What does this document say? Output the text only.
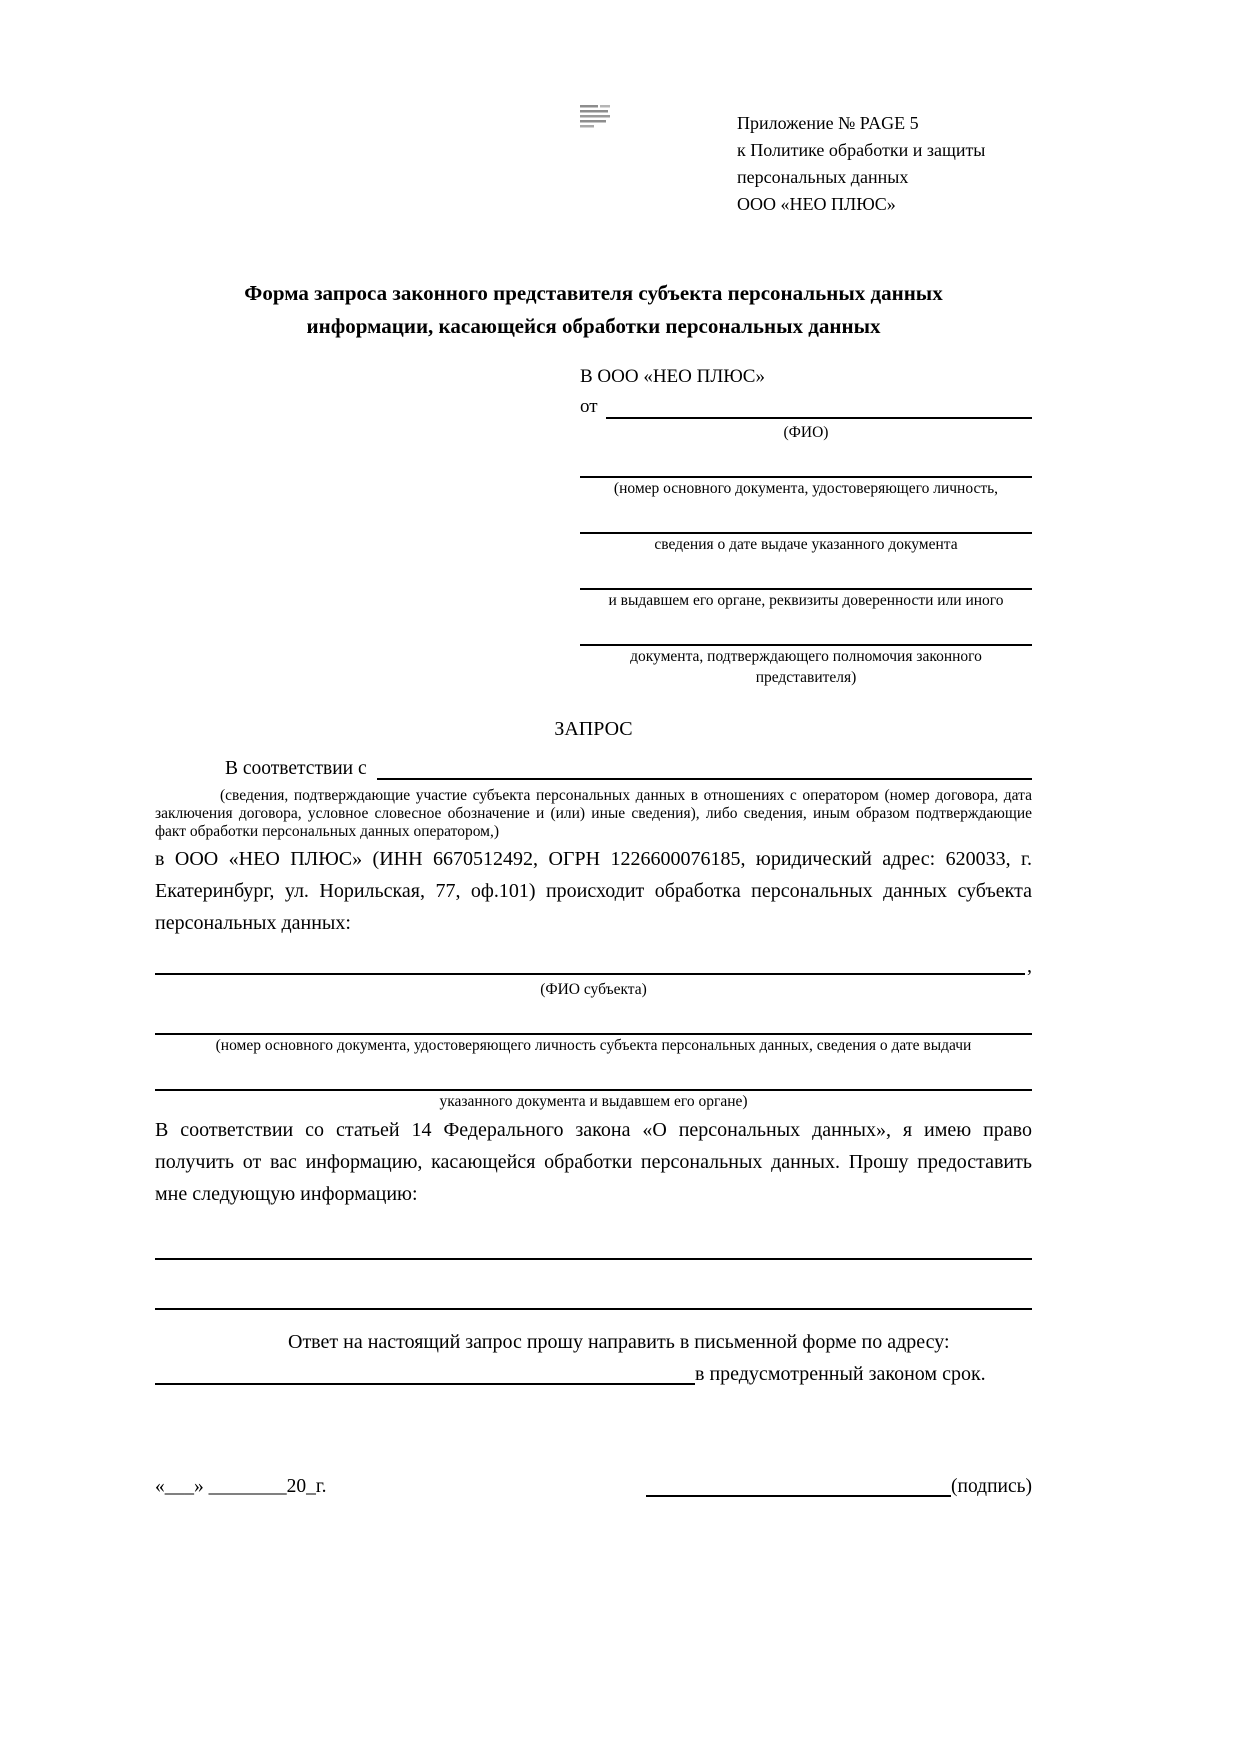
Приложение № PAGE 5
к Политике обработки и защиты
персональных данных
ООО «НЕО ПЛЮС»
Форма запроса законного представителя субъекта персональных данных
информации, касающейся обработки персональных данных
В ООО «НЕО ПЛЮС»
от
(ФИО)
(номер основного документа, удостоверяющего личность,
сведения о дате выдаче указанного документа
и выдавшем его органе, реквизиты доверенности или иного
документа, подтверждающего полномочия законного представителя)
ЗАПРОС
В соответствии с
(сведения, подтверждающие участие субъекта персональных данных в отношениях с оператором (номер договора, дата заключения договора, условное словесное обозначение и (или) иные сведения), либо сведения, иным образом подтверждающие факт обработки персональных данных оператором,)
в ООО «НЕО ПЛЮС» (ИНН 6670512492, ОГРН 1226600076185, юридический адрес: 620033, г. Екатеринбург, ул. Норильская, 77, оф.101) происходит обработка персональных данных субъекта персональных данных:
,
(ФИО субъекта)
(номер основного документа, удостоверяющего личность субъекта персональных данных, сведения о дате выдачи
указанного документа и выдавшем его органе)
В соответствии со статьей 14 Федерального закона «О персональных данных», я имею право получить от вас информацию, касающейся обработки персональных данных. Прошу предоставить мне следующую информацию:
Ответ на настоящий запрос прошу направить в письменной форме по адресу:
в предусмотренный законом срок.
«___» ________20_г.	(подпись)
